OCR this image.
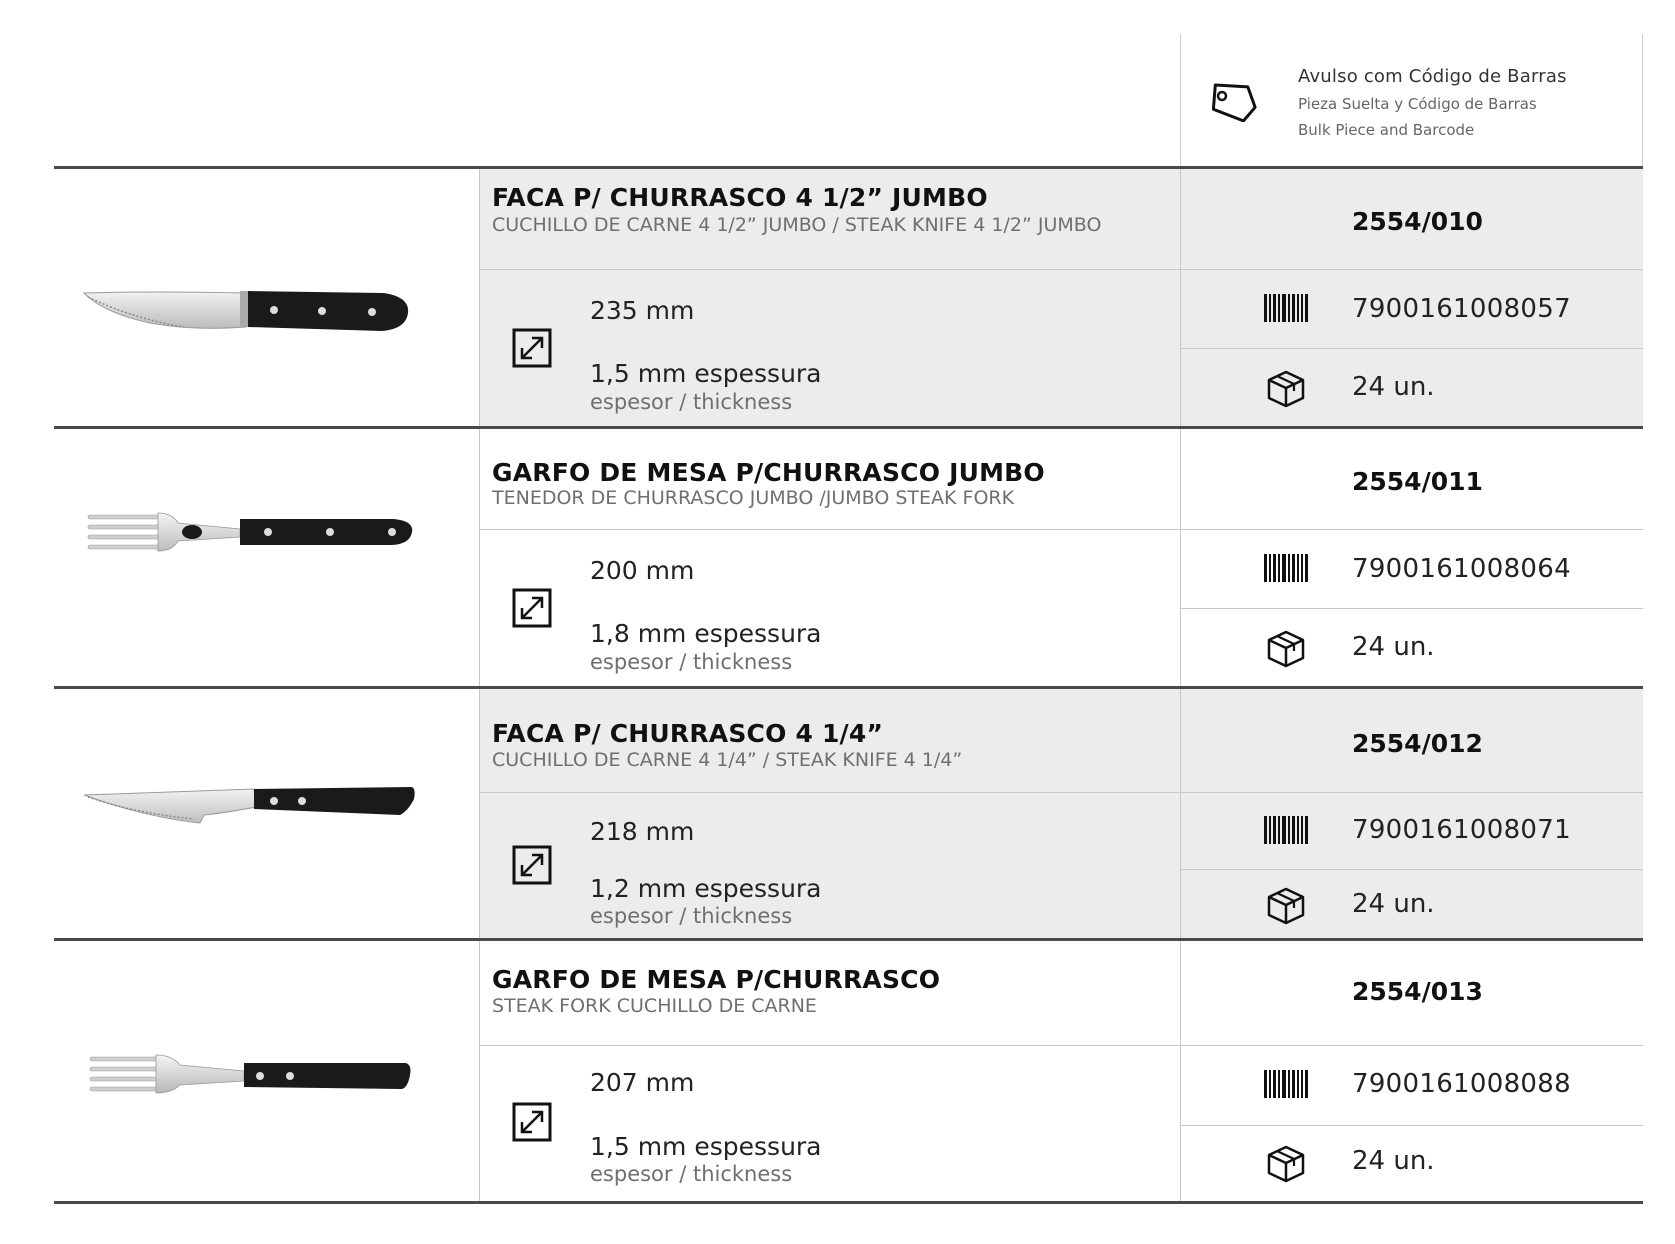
Avulso com Código de Barras
Pieza Suelta y Código de Barras
Bulk Piece and Barcode
FACA P/ CHURRASCO 4 1/2” JUMBO
CUCHILLO DE CARNE 4 1/2” JUMBO / STEAK KNIFE 4 1/2” JUMBO	2554/010
235 mm
1,5 mm espessura
espesor / thickness
7900161008057
24 un.
GARFO DE MESA P/CHURRASCO JUMBO
TENEDOR DE CHURRASCO JUMBO /JUMBO STEAK FORK
2554/011
200 mm
1,8 mm espessura
espesor / thickness
7900161008064
24 un.
FACA P/ CHURRASCO 4 1/4”
CUCHILLO DE CARNE 4 1/4” / STEAK KNIFE 4 1/4”
2554/012
218 mm
1,2 mm espessura
espesor / thickness
7900161008071
24 un.
GARFO DE MESA P/CHURRASCO
STEAK FORK CUCHILLO DE CARNE	2554/013
207 mm
1,5 mm espessura
espesor / thickness
7900161008088
24 un.
